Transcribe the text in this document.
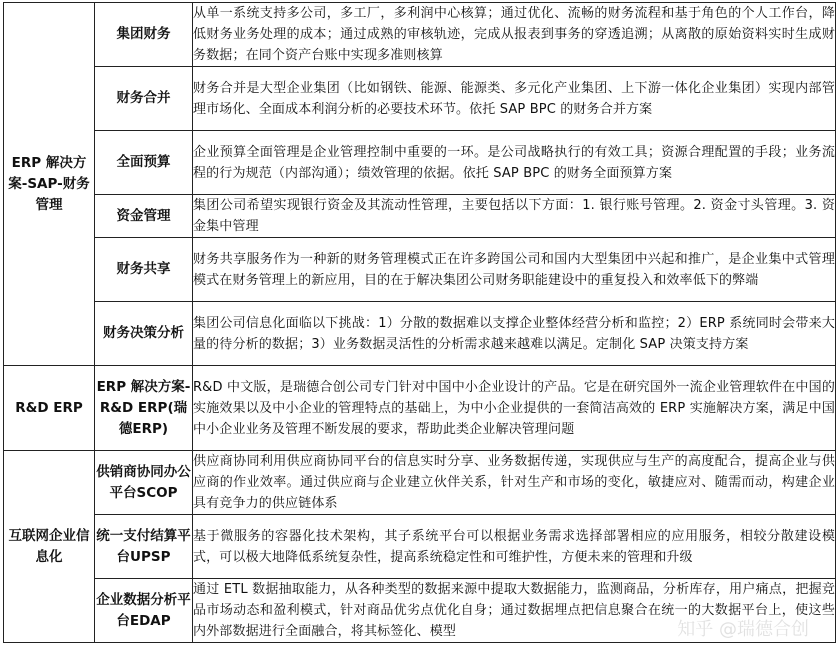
ERP 解决方案-SAP-财务管理	集团财务	从单一系统支持多公司，多工厂，多利润中心核算；通过优化、流畅的财务流程和基于角色的个人工作台，降低财务业务处理的成本；通过成熟的审核轨迹，完成从报表到事务的穿透追溯；从离散的原始资料实时生成财务数据；在同个资产台账中实现多准则核算
	财务合并	财务合并是大型企业集团（比如钢铁、能源、能源类、多元化产业集团、上下游一体化企业集团）实现内部管理市场化、全面成本利润分析的必要技术环节。依托 SAP BPC 的财务合并方案
	全面预算	企业预算全面管理是企业管理控制中重要的一环。是公司战略执行的有效工具；资源合理配置的手段；业务流程的行为规范（内部沟通）；绩效管理的依据。依托 SAP BPC 的财务全面预算方案
	资金管理	集团公司希望实现银行资金及其流动性管理，主要包括以下方面：1. 银行账号管理。2. 资金寸头管理。3. 资金集中管理
	财务共享	财务共享服务作为一种新的财务管理模式正在许多跨国公司和国内大型集团中兴起和推广，是企业集中式管理模式在财务管理上的新应用，目的在于解决集团公司财务职能建设中的重复投入和效率低下的弊端
	财务决策分析	集团公司信息化面临以下挑战：1）分散的数据难以支撑企业整体经营分析和监控；2）ERP 系统同时会带来大量的待分析的数据；3）业务数据灵活性的分析需求越来越难以满足。定制化 SAP 决策支持方案
R&D ERP	ERP 解决方案-R&D ERP(瑞德ERP)	R&D 中文版，是瑞德合创公司专门针对中国中小企业设计的产品。它是在研究国外一流企业管理软件在中国的实施效果以及中小企业的管理特点的基础上，为中小企业提供的一套简洁高效的 ERP 实施解决方案，满足中国中小企业业务及管理不断发展的要求，帮助此类企业解决管理问题
互联网企业信息化	供销商协同办公平台SCOP	供应商协同利用供应商协同平台的信息实时分享、业务数据传递，实现供应与生产的高度配合，提高企业与供应商的作业效率。通过供应商与企业建立伙伴关系，针对生产和市场的变化，敏捷应对、随需而动，构建企业具有竞争力的供应链体系
	统一支付结算平台UPSP	基于微服务的容器化技术架构，其子系统平台可以根据业务需求选择部署相应的应用服务，相较分散建设模式，可以极大地降低系统复杂性，提高系统稳定性和可维护性，方便未来的管理和升级
	企业数据分析平台EDAP	通过 ETL 数据抽取能力，从各种类型的数据来源中提取大数据能力，监测商品，分析库存，用户痛点，把握竞品市场动态和盈利模式，针对商品优劣点优化自身；通过数据埋点把信息聚合在统一的大数据平台上，使这些内外部数据进行全面融合，将其标签化、模型	知乎 @瑞德合创
